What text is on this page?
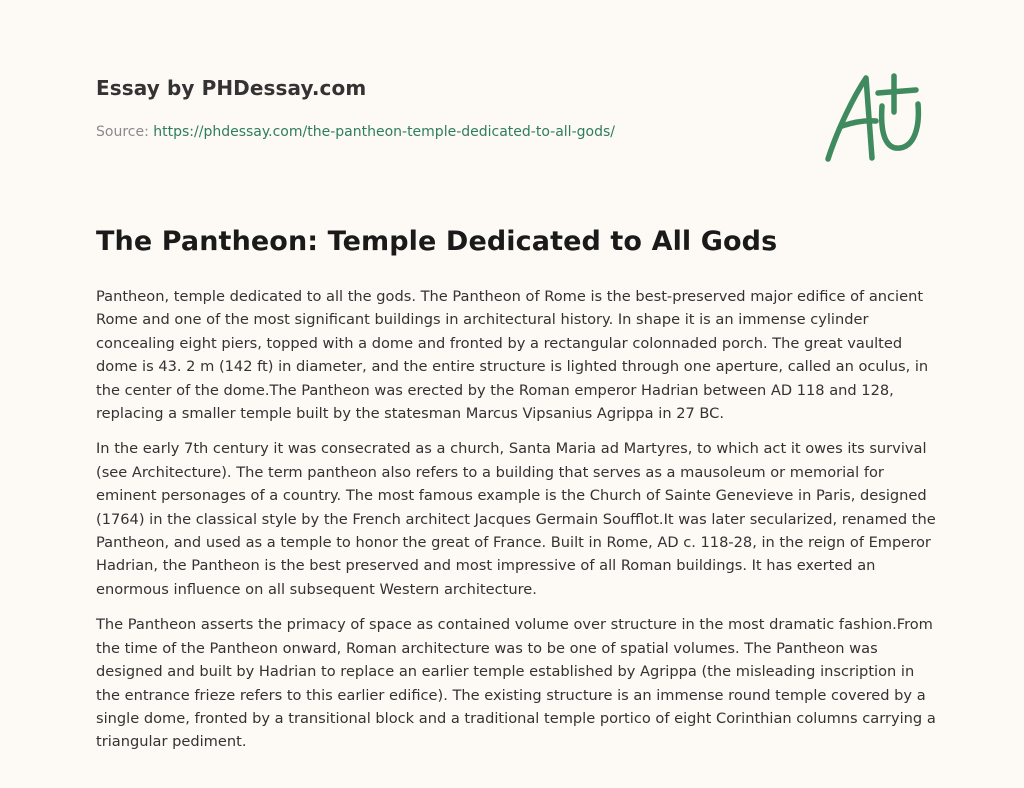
Essay by PHDessay.com
Source: https://phdessay.com/the-pantheon-temple-dedicated-to-all-gods/
The Pantheon: Temple Dedicated to All Gods

Pantheon, temple dedicated to all the gods. The Pantheon of Rome is the best-preserved major edifice of ancient Rome and one of the most significant buildings in architectural history. In shape it is an immense cylinder concealing eight piers, topped with a dome and fronted by a rectangular colonnaded porch. The great vaulted dome is 43. 2 m (142 ft) in diameter, and the entire structure is lighted through one aperture, called an oculus, in the center of the dome.The Pantheon was erected by the Roman emperor Hadrian between AD 118 and 128, replacing a smaller temple built by the statesman Marcus Vipsanius Agrippa in 27 BC.

In the early 7th century it was consecrated as a church, Santa Maria ad Martyres, to which act it owes its survival (see Architecture). The term pantheon also refers to a building that serves as a mausoleum or memorial for eminent personages of a country. The most famous example is the Church of Sainte Genevieve in Paris, designed (1764) in the classical style by the French architect Jacques Germain Soufflot.It was later secularized, renamed the Pantheon, and used as a temple to honor the great of France. Built in Rome, AD c. 118-28, in the reign of Emperor Hadrian, the Pantheon is the best preserved and most impressive of all Roman buildings. It has exerted an enormous influence on all subsequent Western architecture.

The Pantheon asserts the primacy of space as contained volume over structure in the most dramatic fashion.From the time of the Pantheon onward, Roman architecture was to be one of spatial volumes. The Pantheon was designed and built by Hadrian to replace an earlier temple established by Agrippa (the misleading inscription in the entrance frieze refers to this earlier edifice). The existing structure is an immense round temple covered by a single dome, fronted by a transitional block and a traditional temple portico of eight Corinthian columns carrying a triangular pediment.
